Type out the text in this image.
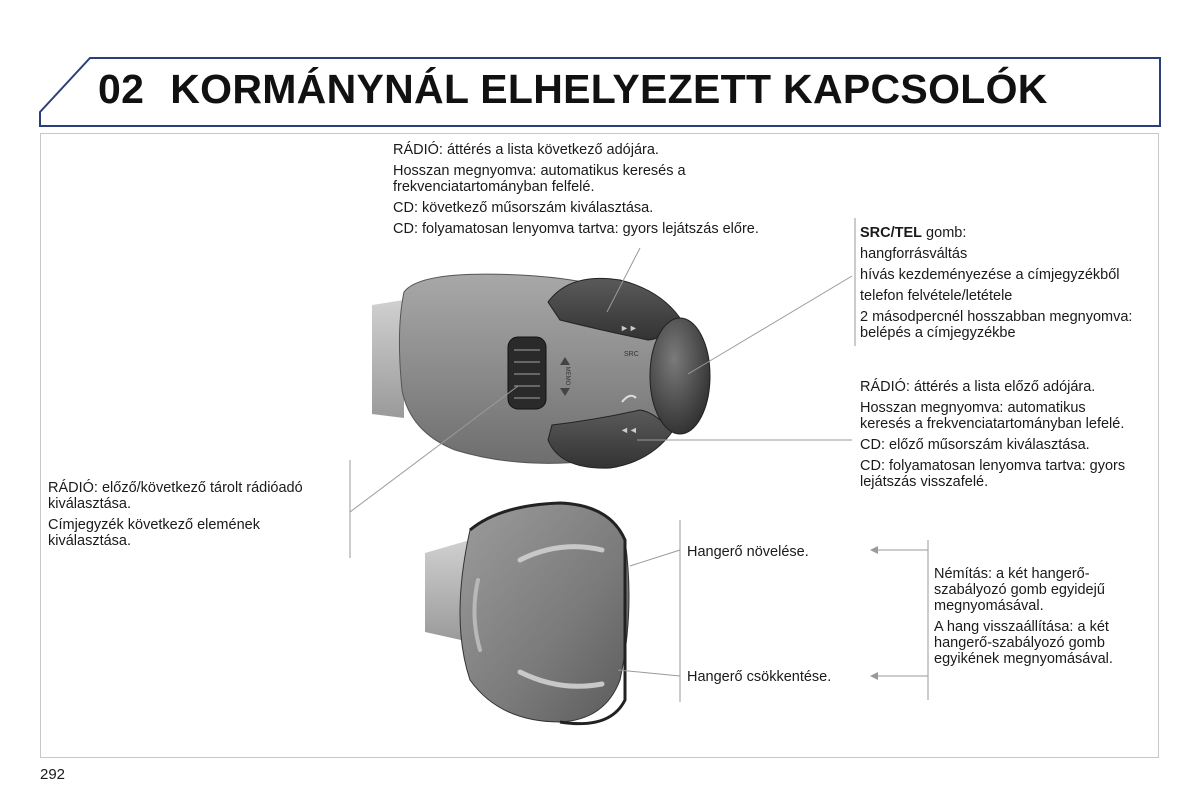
02 KORMÁNYNÁL ELHELYEZETT KAPCSOLÓK
MEMO
SRC
►►
◄◄

RÁDIÓ: áttérés a lista következő adójára.

Hosszan megnyomva: automatikus keresés a frekvenciatartományban felfelé.

CD: következő műsorszám kiválasztása.

CD: folyamatosan lenyomva tartva: gyors lejátszás előre.	SRC/TEL gomb:

hangforrásváltás

hívás kezdeményezése a címjegyzékből

telefon felvétele/letétele

2 másodpercnél hosszabban megnyomva: belépés a címjegyzékbe

RÁDIÓ: áttérés a lista előző adójára.

Hosszan megnyomva: automatikus keresés a frekvenciatartományban lefelé.

CD: előző műsorszám kiválasztása.

CD: folyamatosan lenyomva tartva: gyors lejátszás visszafelé.

RÁDIÓ: előző/következő tárolt rádióadó kiválasztása.

Címjegyzék következő elemének kiválasztása.

Hangerő növelése.
Hangerő csökkentése.

Némítás: a két hangerő-szabályozó gomb egyidejű megnyomásával.

A hang visszaállítása: a két hangerő-szabályozó gomb egyikének megnyomásával.

292
